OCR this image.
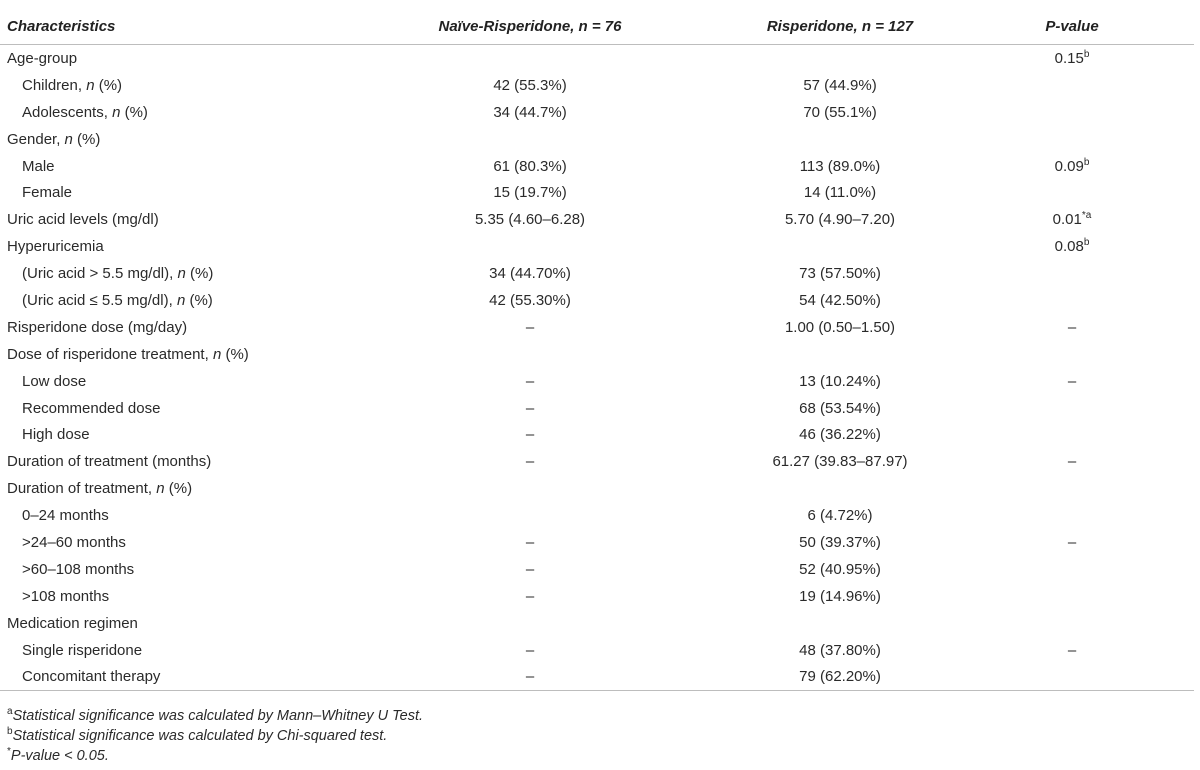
Characteristics	Naïve-Risperidone, n = 76	Risperidone, n = 127	P-value
Age-group			0.15$^b$
Children, n (%)	42 (55.3%)	57 (44.9%)	
Adolescents, n (%)	34 (44.7%)	70 (55.1%)	
Gender, n (%)			
Male	61 (80.3%)	113 (89.0%)	0.09$^b$
Female	15 (19.7%)	14 (11.0%)	
Uric acid levels (mg/dl)	5.35 (4.60–6.28)	5.70 (4.90–7.20)	0.01$^{*a}$
Hyperuricemia			0.08$^b$
(Uric acid > 5.5 mg/dl), n (%)	34 (44.70%)	73 (57.50%)	
(Uric acid ≤ 5.5 mg/dl), n (%)	42 (55.30%)	54 (42.50%)	
Risperidone dose (mg/day)	–	1.00 (0.50–1.50)	–
Dose of risperidone treatment, n (%)			
Low dose	–	13 (10.24%)	–
Recommended dose	–	68 (53.54%)	
High dose	–	46 (36.22%)	
Duration of treatment (months)	–	61.27 (39.83–87.97)	–
Duration of treatment, n (%)			
0–24 months		6 (4.72%)	
>24–60 months	–	50 (39.37%)	–
>60–108 months	–	52 (40.95%)	
>108 months	–	19 (14.96%)	
Medication regimen			
Single risperidone	–	48 (37.80%)	–
Concomitant therapy	–	79 (62.20%)	
$^a$Statistical significance was calculated by Mann–Whitney U Test.
$^b$Statistical significance was calculated by Chi-squared test.
*P-value < 0.05.
